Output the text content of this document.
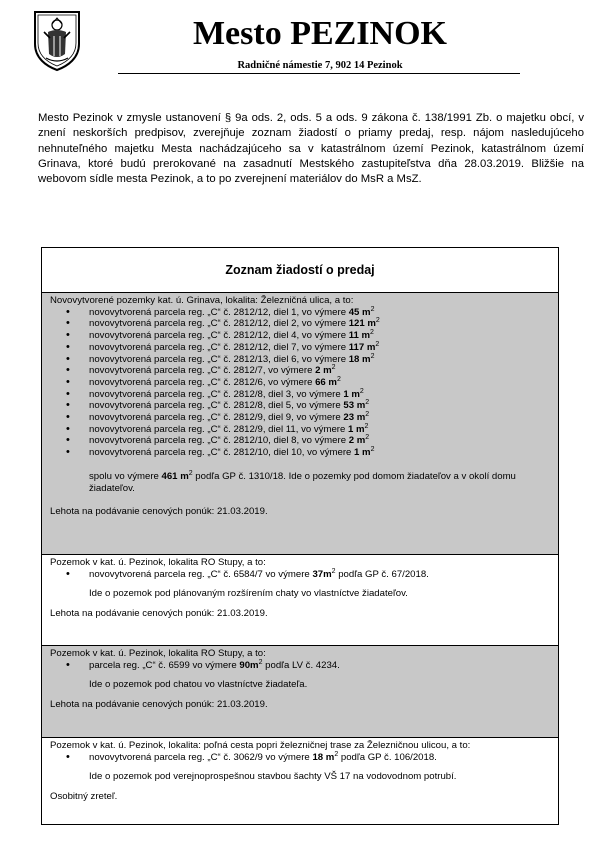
Mesto PEZINOK
Radničné námestie 7, 902 14 Pezinok

Mesto Pezinok v zmysle ustanovení § 9a ods. 2, ods. 5 a ods. 9 zákona č. 138/1991 Zb. o majetku obcí, v znení neskorších predpisov, zverejňuje zoznam žiadostí o priamy predaj, resp. nájom nasledujúceho nehnuteľného majetku Mesta nachádzajúceho sa v katastrálnom území Pezinok, katastrálnom území Grinava, ktoré budú prerokované na zasadnutí Mestského zastupiteľstva dňa 28.03.2019. Bližšie na webovom sídle mesta Pezinok, a to po zverejnení materiálov do MsR a MsZ.

Zoznam žiadostí o predaj
Novovytvorené pozemky kat. ú. Grinava, lokalita: Železničná ulica, a to:
• novovytvorená parcela reg. „C“ č. 2812/12, diel 1, vo výmere 45 $m^2$
• novovytvorená parcela reg. „C“ č. 2812/12, diel 2, vo výmere 121 $m^2$
• novovytvorená parcela reg. „C“ č. 2812/12, diel 4, vo výmere 11 $m^2$
• novovytvorená parcela reg. „C“ č. 2812/12, diel 7, vo výmere 117 $m^2$
• novovytvorená parcela reg. „C“ č. 2812/13, diel 6, vo výmere 18 $m^2$
• novovytvorená parcela reg. „C“ č. 2812/7, vo výmere 2 $m^2$
• novovytvorená parcela reg. „C“ č. 2812/6, vo výmere 66 $m^2$
• novovytvorená parcela reg. „C“ č. 2812/8, diel 3, vo výmere 1 $m^2$
• novovytvorená parcela reg. „C“ č. 2812/8, diel 5, vo výmere 53 $m^2$
• novovytvorená parcela reg. „C“ č. 2812/9, diel 9, vo výmere 23 $m^2$
• novovytvorená parcela reg. „C“ č. 2812/9, diel 11, vo výmere 1 $m^2$
• novovytvorená parcela reg. „C“ č. 2812/10, diel 8, vo výmere 2 $m^2$
• novovytvorená parcela reg. „C“ č. 2812/10, diel 10, vo výmere 1 $m^2$
spolu vo výmere 461 $m^2$ podľa GP č. 1310/18. Ide o pozemky pod domom žiadateľov a v okolí domu žiadateľov.
Lehota na podávanie cenových ponúk: 21.03.2019.
Pozemok v kat. ú. Pezinok, lokalita RO Stupy, a to:
• novovytvorená parcela reg. „C“ č. 6584/7 vo výmere $37m^2$ podľa GP č. 67/2018.
Ide o pozemok pod plánovaným rozšírením chaty vo vlastníctve žiadateľov.
Lehota na podávanie cenových ponúk: 21.03.2019.
Pozemok v kat. ú. Pezinok, lokalita RO Stupy, a to:
• parcela reg. „C“ č. 6599 vo výmere $90m^2$ podľa LV č. 4234.
Ide o pozemok pod chatou vo vlastníctve žiadateľa.
Lehota na podávanie cenových ponúk: 21.03.2019.
Pozemok v kat. ú. Pezinok, lokalita: poľná cesta popri železničnej trase za Železničnou ulicou, a to:
• novovytvorená parcela reg. „C“ č. 3062/9 vo výmere 18 $m^2$ podľa GP č. 106/2018.
Ide o pozemok pod verejnoprospešnou stavbou šachty VŠ 17 na vodovodnom potrubí.
Osobitný zreteľ.
